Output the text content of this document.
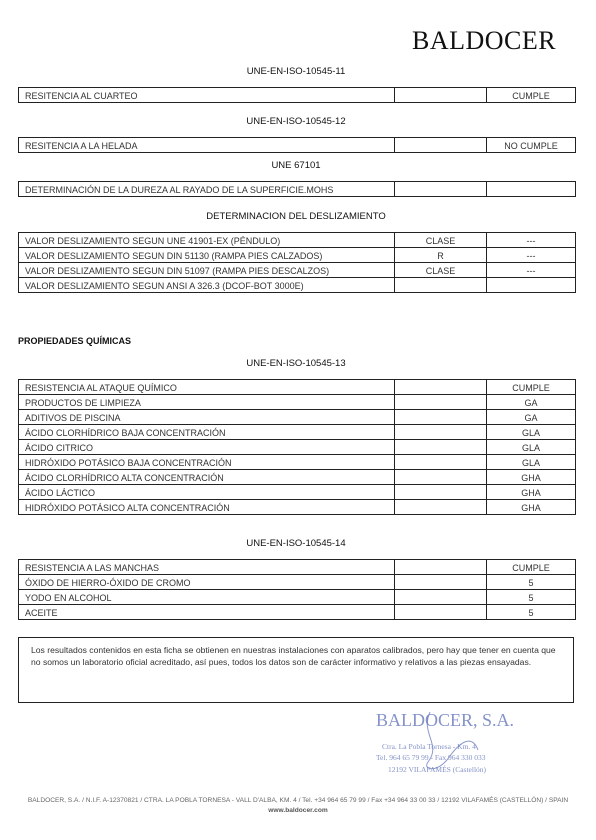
BALDOCER
UNE-EN-ISO-10545-11
RESITENCIA AL CUARTEO		CUMPLE
UNE-EN-ISO-10545-12
RESITENCIA A LA HELADA		NO CUMPLE
UNE 67101
DETERMINACIÓN DE LA DUREZA AL RAYADO DE LA SUPERFICIE.MOHS		
DETERMINACION DEL DESLIZAMIENTO
VALOR DESLIZAMIENTO SEGUN UNE 41901-EX (PÉNDULO)	CLASE	---
VALOR DESLIZAMIENTO SEGUN DIN 51130 (RAMPA PIES CALZADOS)	R	---
VALOR DESLIZAMIENTO SEGUN DIN 51097 (RAMPA PIES DESCALZOS)	CLASE	---
VALOR DESLIZAMIENTO SEGUN ANSI A 326.3 (DCOF-BOT 3000E)		
PROPIEDADES QUÍMICAS
UNE-EN-ISO-10545-13
RESISTENCIA AL ATAQUE QUÍMICO		CUMPLE
PRODUCTOS DE LIMPIEZA		GA
ADITIVOS DE PISCINA		GA
ÁCIDO CLORHÍDRICO BAJA CONCENTRACIÓN		GLA
ÁCIDO CITRICO		GLA
HIDRÓXIDO POTÁSICO BAJA CONCENTRACIÓN		GLA
ÁCIDO CLORHÍDRICO ALTA CONCENTRACIÓN		GHA
ÁCIDO LÁCTICO		GHA
HIDRÓXIDO POTÁSICO ALTA CONCENTRACIÓN		GHA
UNE-EN-ISO-10545-14
RESISTENCIA A LAS MANCHAS		CUMPLE
ÓXIDO DE HIERRO-ÓXIDO DE CROMO		5
YODO EN ALCOHOL		5
ACEITE		5
Los resultados contenidos en esta ficha se obtienen en nuestras instalaciones con aparatos calibrados, pero hay que tener en cuenta que no somos un laboratorio oficial acreditado, así pues, todos los datos son de carácter informativo y relativos a las piezas ensayadas.
BALDOCER, S.A.
Ctra. La Pobla Tornesa - Km. 4
Tel. 964 65 79 99 - Fax 964 330 033
12192 VILAFAMÉS (Castellón)
BALDOCER, S.A. / N.I.F. A-12370821 / CTRA. LA POBLA TORNESA - VALL D'ALBA, KM. 4 / Tel. +34 964 65 79 99 / Fax +34 964 33 00 33 / 12192 VILAFAMÉS (CASTELLÓN) / SPAIN
www.baldocer.com
